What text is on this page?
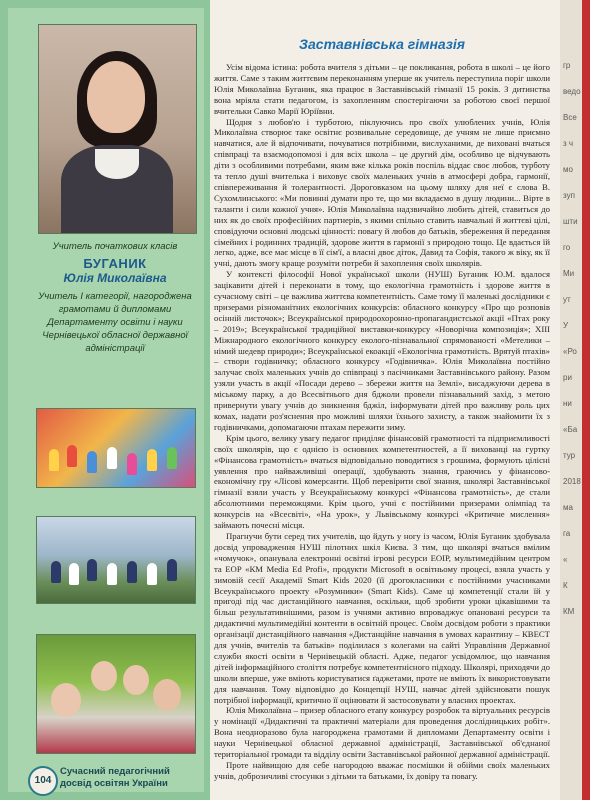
Учитель початкових класів
БУГАНИК
Юлія Миколаївна
Учитель І категорії, нагороджена грамотами й дипломами Департаменту освіти і науки Чернівецької обласної державної адміністрації
104
Сучасний педагогічний
досвід освітян України
Заставнівська гімназія

Усім відома істина: робота вчителя з дітьми – це покликання, робота в школі – це його життя. Саме з таким життєвим переконанням уперше як учитель переступила поріг школи Юлія Миколаївна Буганик, яка працює в Заставнівській гімназії 15 років. З дитинства вона мріяла стати педагогом, із захопленням спостерігаючи за роботою своєї першої вчительки Савко Марії Юріївни.

Щодня з любов'ю і турботою, піклуючись про своїх улюблених учнів, Юлія Миколаївна створює таке освітнє розвивальне середовище, де учням не лише приємно навчатися, але й відпочивати, почуватися потрібними, вислуханими, де виховані вчаться співпраці та взаємодопомозі і для всіх школа – це другий дім, особливо це відчувають діти з особливими потребами, яким вже кілька років поспіль віддає своє любов, турботу та тепло душі вчителька і виховує своїх маленьких учнів в атмосфері добра, гармонії, співпереживання й толерантності. Дороговказом на цьому шляху для неї є слова В. Сухомлинського: «Ми повинні думати про те, що ми вкладаємо в душу людини... Вірте в таланти і сили кожної учня». Юлія Миколаївна надзвичайно любить дітей, ставиться до них як до своїх професійних партнерів, з якими спільно ставить навчальні й життєві цілі, сповідуючи основні людські цінності: повагу й любов до батьків, збереження й передання сімейних і родинних традицій, здорове життя в гармонії з природою тощо. Це вдається їй легко, адже, все має місце в її сім'ї, а власні двоє діток, Давид та Софія, такого ж віку, як її учні, дають змогу краще розуміти потреби й захоплення своїх школярів.

У контексті філософії Нової української школи (НУШ) Буганик Ю.М. вдалося зацікавити дітей і переконати в тому, що екологічна грамотність і здорове життя в сучасному світі – це важлива життєва компетентність. Саме тому її маленькі дослідники є призерами різноманітних екологічних конкурсів: обласного конкурсу «Про що розповів осінній листочок»; Всеукраїнської природоохоронно-пропагандистської акції «Птах року – 2019»; Всеукраїнської традиційної виставки-конкурсу «Новорічна композиція»; XIII Міжнародного екологічного конкурсу еколого-пізнавальної спрямованості «Метелики – німий шедевр природи»; Всеукраїнської екоакції «Екологічна грамотність. Врятуй птахів» – створи годівничку; обласного конкурсу «Годівничка». Юлія Миколаївна постійно залучає своїх маленьких учнів до співпраці з пасічниками Заставнівського району. Разом узяли участь в акції «Посади дерево – збережи життя на Землі», висаджуючи дерева в міському парку, а до Всесвітнього дня бджоли провели пізнавальний захід, з метою привернути увагу учнів до зникнення бджіл, інформувати дітей про важливу роль цих комах, надати роз'яснення про можливі шляхи їхнього захисту, а також знайомити їх з годівничками, допомагаючи птахам пережити зиму.

Крім цього, велику увагу педагог приділяє фінансовій грамотності та підприємливості своїх школярів, що є однією із основних компетентностей, а її вихованці на гуртку «Фінансова грамотність» вчаться відповідально поводитися з грошима, формують цілісні уявлення про найважливіші операції, здобувають знання, граючись у фінансово-економічну гру «Лісові комерсанти. Щоб перевірити свої знання, школярі Заставнівської гімназії взяли участь у Всеукраїнському конкурсі «Фінансова грамотність», де стали абсолютними переможцями. Крім цього, учні є постійними призерами олімпіад та конкурсів на «Всесвіті», «На урок», у Львівському конкурсі «Критичне мислення» займають почесні місця.

Прагнучи бути серед тих учителів, що йдуть у ногу із часом, Юлія Буганик здобувала досвід упровадження НУШ пілотних шкіл Києва. З тим, що школярі вчаться вмілим «чомучок», опанувала електронні освітні ігрові ресурси ЕОІР, мультимедійним центром та ЕОР «КМ Media Ed Profi», продукти Microsoft в освітньому процесі, взяла участь у зимовій сесії Академії Smart Kids 2020 (її дрогокласники є постійними учасниками Всеукраїнського проекту «Розумники» (Smart Kids). Саме ці компетенції стали їй у пригоді під час дистанційного навчання, оскільки, щоб зробити уроки цікавішими та більш результативнішими, разом із учнями активно впроваджує опановані ресурси та дидактичні мультимедійні контенти в освітній процес. Своїм досвідом роботи з практики організації дистанційного навчання «Дистанційне навчання в умовах карантину – КВЕСТ для учнів, вчителів та батьків» поділилася з колегами на сайті Управління Державної служби якості освіти в Чернівецькій області. Адже, педагог усвідомлює, що навчання дітей інформаційного століття потребує компетентнісного підходу. Школярі, приходячи до школи вперше, уже вміють користуватися ґаджетами, проте не вміють їх використовувати для навчання. Тому відповідно до Концепції НУШ, навчає дітей здійснювати пошук потрібної інформації, критично її оцінювати й застосовувати у власних проектах.

Юлія Миколаївна – призер обласного етапу конкурсу розробок та віртуальних ресурсів у номінації «Дидактичні та практичні матеріали для проведення дослідницьких робіт». Вона неодноразово була нагороджена грамотами й дипломами Департаменту освіти і науки Чернівецької обласної державної адміністрації, Заставнівської об'єднаної територіальної громади та відділу освіти Заставнівської районної державної адміністрації.

Проте найвищою для себе нагородою вважає посмішки й обійми своїх маленьких учнів, доброзичливі стосунки з дітьми та батьками, їх довіру та повагу.

гр
ведо
Все
з ч
мо
зуп
шти
го
Ми
ут
У
«Ро
ри
ни
«Ба
тур
2018
ма
га
«
К
КМ
